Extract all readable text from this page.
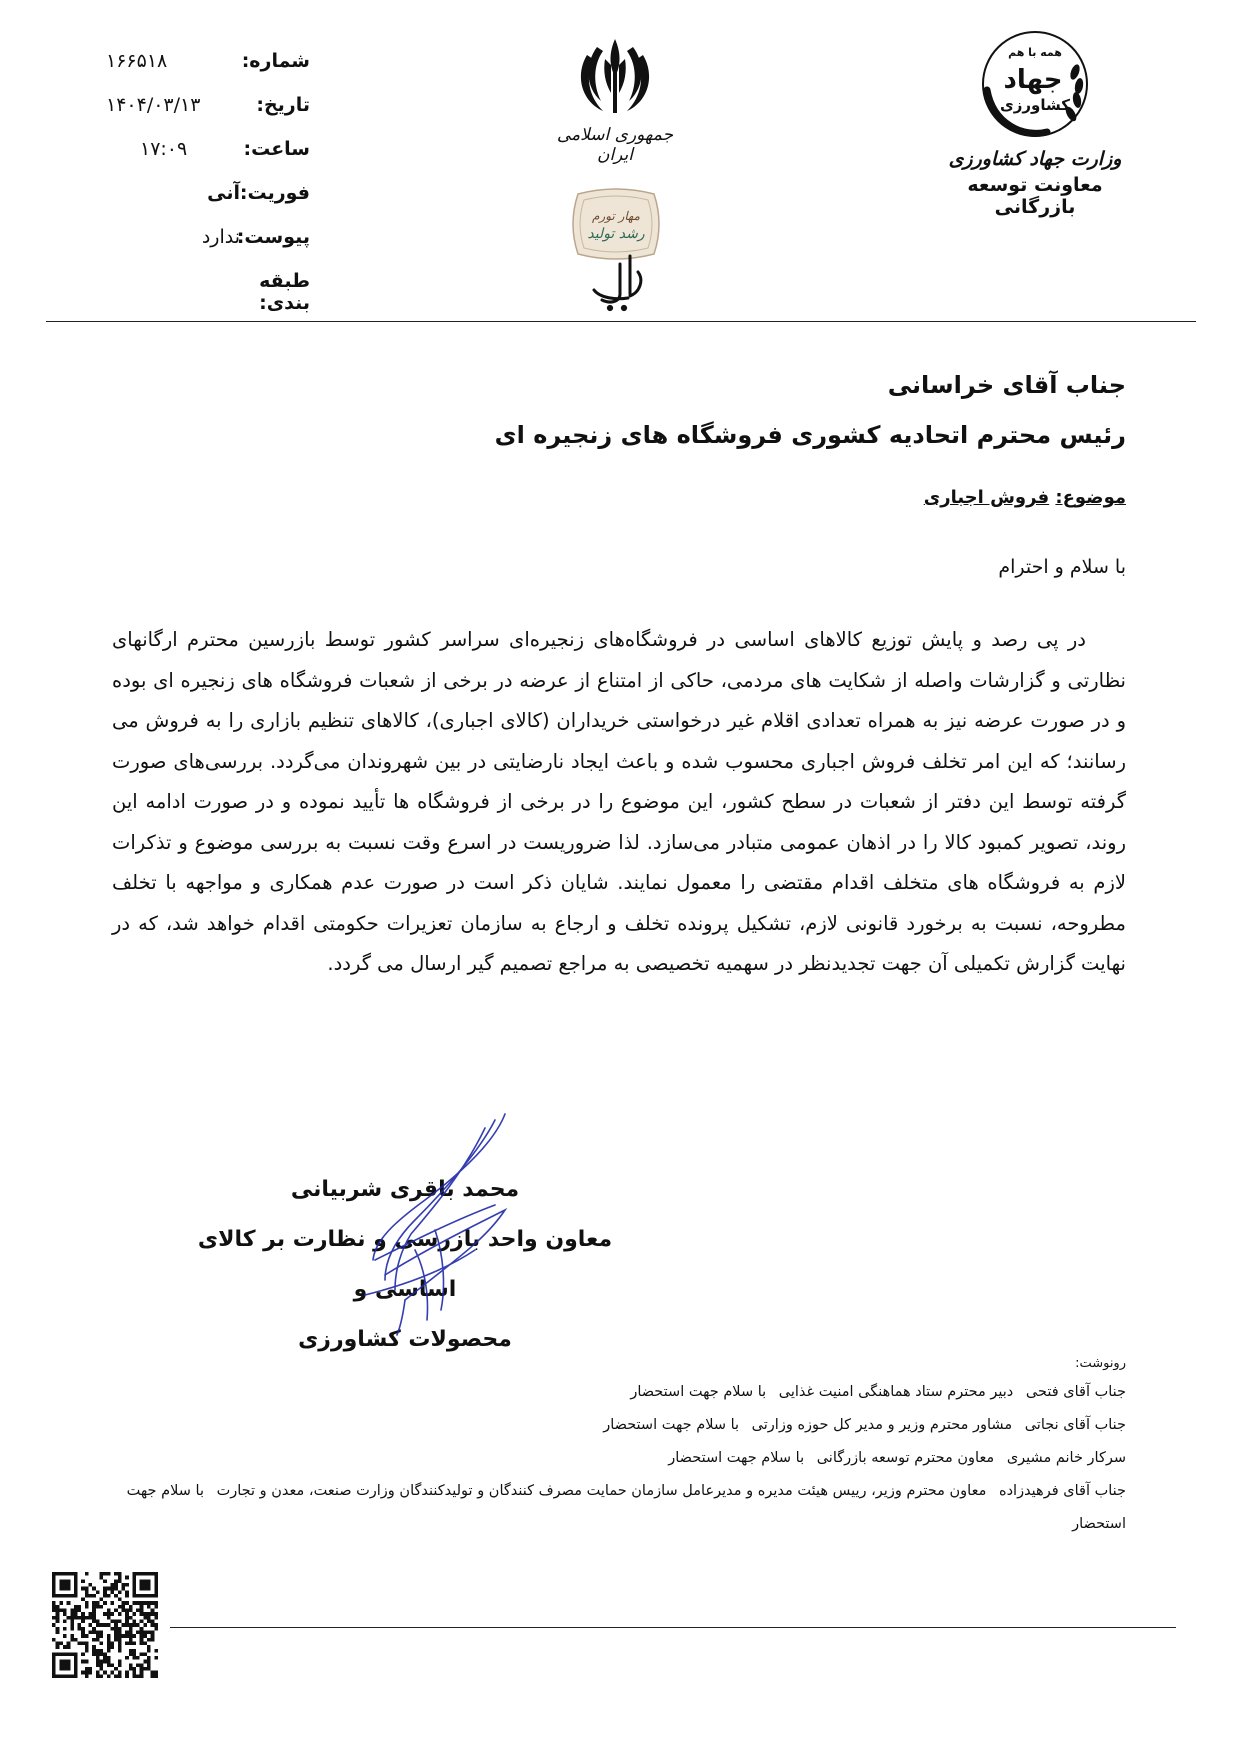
شماره:
۱۶۶۵۱۸
تاریخ:
۱۴۰۴/۰۳/۱۳
ساعت:
۱۷:۰۹
فوریت:
آنی
پیوست:
ندارد
طبقه بندی:
جمهوری اسلامی ایران
مهار تورم
رشد تولید
همه با هم
جهاد
کشاورزی
وزارت جهاد کشاورزی
معاونت توسعه بازرگانی
جناب آقای خراسانی
رئیس محترم اتحادیه کشوری فروشگاه های زنجیره ای
موضوع: فروش اجباری
با سلام و احترام
در پی رصد و پایش توزیع کالاهای اساسی در فروشگاه‌های زنجیره‌ای سراسر کشور توسط بازرسین محترم ارگانهای نظارتی و گزارشات واصله از شکایت های مردمی، حاکی از امتناع از عرضه در برخی از شعبات فروشگاه های زنجیره ای بوده و در صورت عرضه نیز به همراه تعدادی اقلام غیر درخواستی خریداران (کالای اجباری)، کالاهای تنظیم بازاری را به فروش می رسانند؛ که این امر تخلف فروش اجباری محسوب شده و باعث ایجاد نارضایتی در بین شهروندان می‌گردد. بررسی‌های صورت گرفته توسط این دفتر از شعبات در سطح کشور، این موضوع را در برخی از فروشگاه ها تأیید نموده و در صورت ادامه این روند، تصویر کمبود کالا را در اذهان عمومی متبادر می‌سازد. لذا ضروریست در اسرع وقت نسبت به بررسی موضوع و تذکرات لازم به فروشگاه های متخلف اقدام مقتضی را معمول نمایند. شایان ذکر است در صورت عدم همکاری و مواجهه با تخلف مطروحه، نسبت به برخورد قانونی لازم، تشکیل پرونده تخلف و ارجاع به سازمان تعزیرات حکومتی اقدام خواهد شد، که در نهایت گزارش تکمیلی آن جهت تجدیدنظر در سهمیه تخصیصی به مراجع تصمیم گیر ارسال می گردد.
محمد باقری شربیانی
معاون واحد بازرسی و نظارت بر کالای اساسی و
محصولات کشاورزی
رونوشت:
جناب آقای فتحی دبیر محترم ستاد هماهنگی امنیت غذایی با سلام جهت استحضار
جناب آقای نجاتی مشاور محترم وزیر و مدیر کل حوزه وزارتی با سلام جهت استحضار
سرکار خانم مشیری معاون محترم توسعه بازرگانی با سلام جهت استحضار
جناب آقای فرهیدزاده معاون محترم وزیر، رییس هیئت مدیره و مدیرعامل سازمان حمایت مصرف کنندگان و تولیدکنندگان وزارت صنعت، معدن و تجارت با سلام جهت استحضار
